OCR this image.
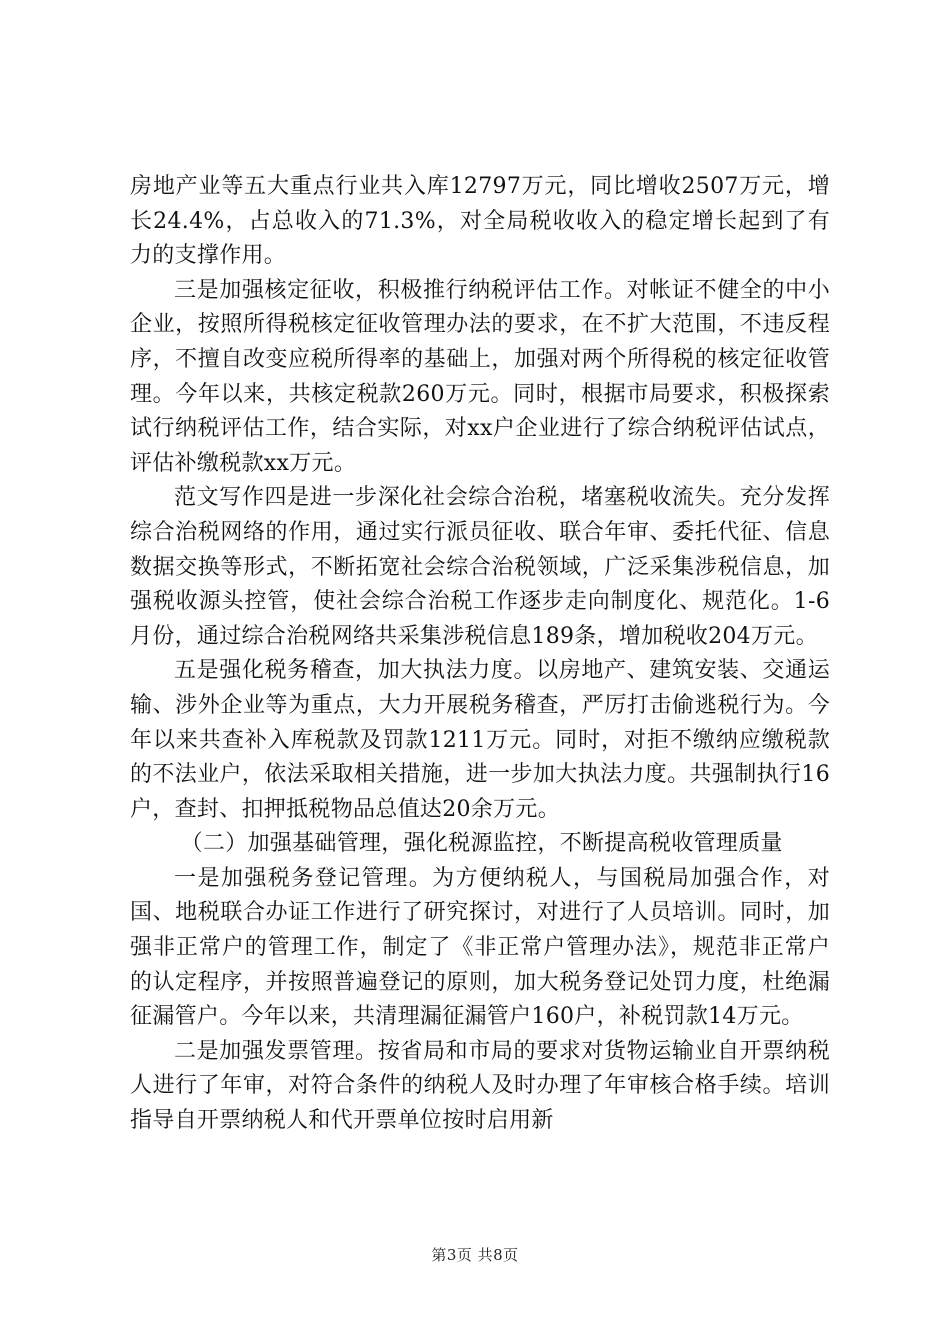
房地产业等五大重点行业共入库12797万元，同比增收2507万元，增长24.4%，占总收入的71.3%，对全局税收收入的稳定增长起到了有力的支撑作用。

三是加强核定征收，积极推行纳税评估工作。对帐证不健全的中小企业，按照所得税核定征收管理办法的要求，在不扩大范围，不违反程序，不擅自改变应税所得率的基础上，加强对两个所得税的核定征收管理。今年以来，共核定税款260万元。同时，根据市局要求，积极探索试行纳税评估工作，结合实际，对xx户企业进行了综合纳税评估试点，评估补缴税款xx万元。

范文写作四是进一步深化社会综合治税，堵塞税收流失。充分发挥综合治税网络的作用，通过实行派员征收、联合年审、委托代征、信息数据交换等形式，不断拓宽社会综合治税领域，广泛采集涉税信息，加强税收源头控管，使社会综合治税工作逐步走向制度化、规范化。1-6月份，通过综合治税网络共采集涉税信息189条，增加税收204万元。

五是强化税务稽查，加大执法力度。以房地产、建筑安装、交通运输、涉外企业等为重点，大力开展税务稽查，严厉打击偷逃税行为。今年以来共查补入库税款及罚款1211万元。同时，对拒不缴纳应缴税款的不法业户，依法采取相关措施，进一步加大执法力度。共强制执行16户，查封、扣押抵税物品总值达20余万元。

（二）加强基础管理，强化税源监控，不断提高税收管理质量

一是加强税务登记管理。为方便纳税人，与国税局加强合作，对国、地税联合办证工作进行了研究探讨，对进行了人员培训。同时，加强非正常户的管理工作，制定了《非正常户管理办法》，规范非正常户的认定程序，并按照普遍登记的原则，加大税务登记处罚力度，杜绝漏征漏管户。今年以来，共清理漏征漏管户160户，补税罚款14万元。

二是加强发票管理。按省局和市局的要求对货物运输业自开票纳税人进行了年审，对符合条件的纳税人及时办理了年审核合格手续。培训指导自开票纳税人和代开票单位按时启用新

第3页 共8页
